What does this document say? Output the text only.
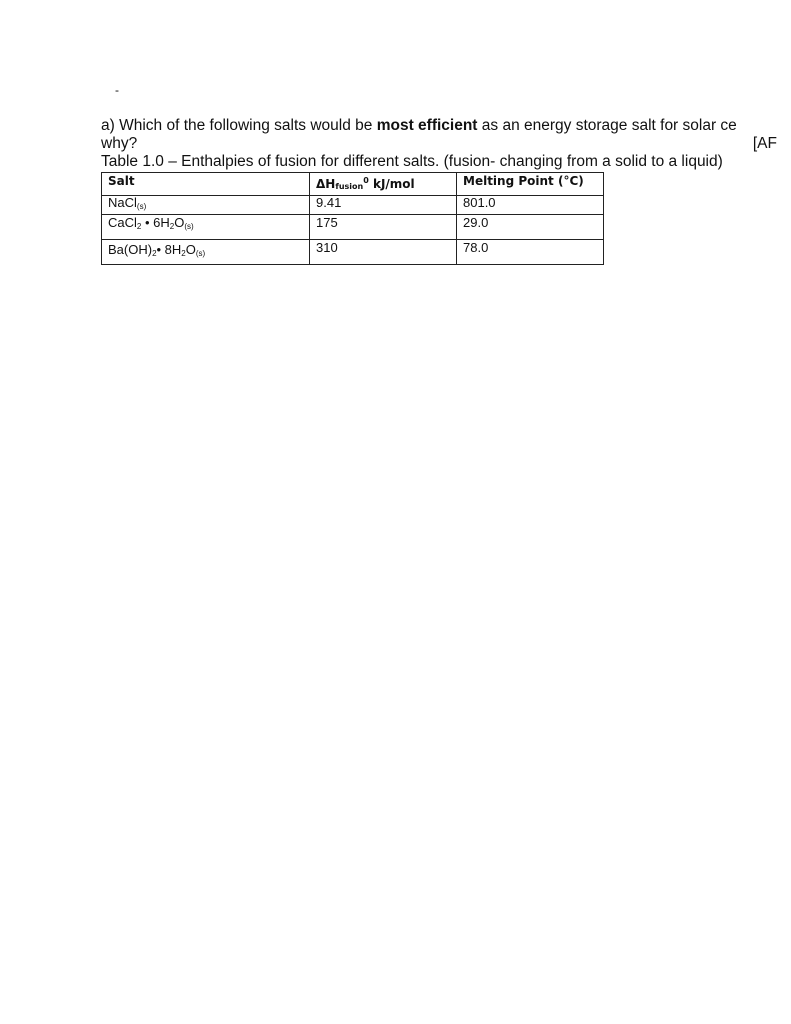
-
a) Which of the following salts would be most efficient as an energy storage salt for solar ce
why?	[AF
Table 1.0 – Enthalpies of fusion for different salts. (fusion- changing from a solid to a liquid)
Salt	ΔHfusion$^0$ kJ/mol	Melting Point (°C)
NaCl$_{(s)}$	9.41	801.0
CaCl$_2$ • $6H_2O_{(s)}$	175	29.0
$Ba(OH)_2•$ $8H_2O_{(s)}$	310	78.0
